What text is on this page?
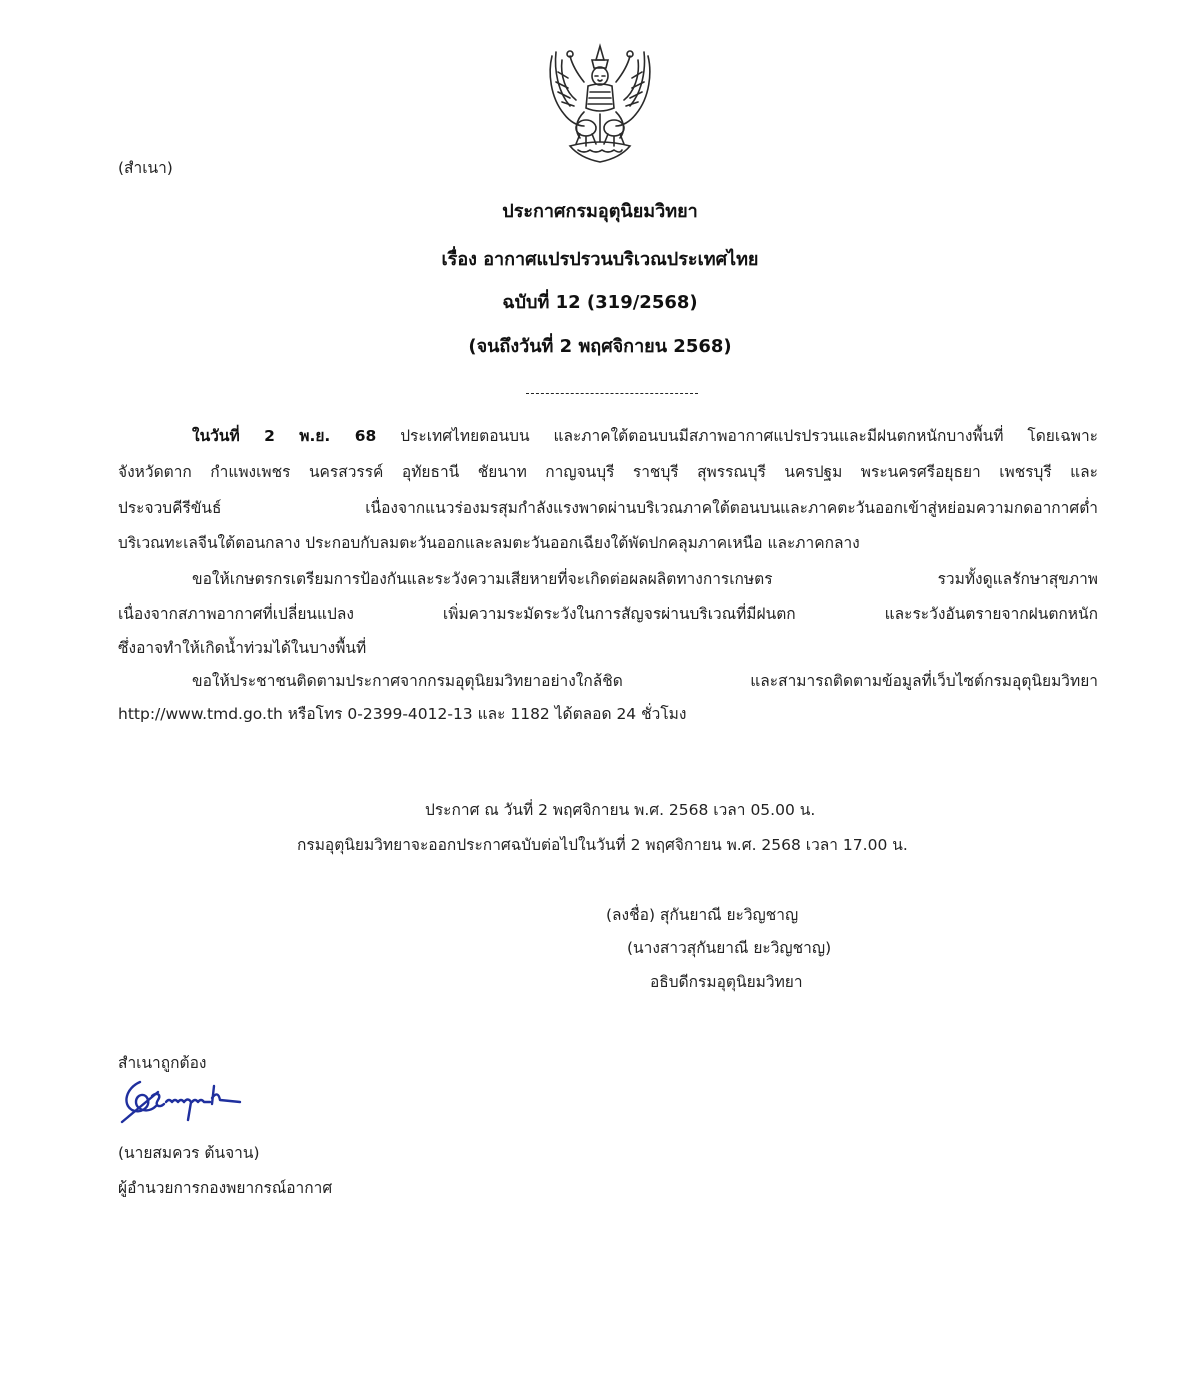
(สำเนา)
ประกาศกรมอุตุนิยมวิทยา
เรื่อง อากาศแปรปรวนบริเวณประเทศไทย
ฉบับที่ 12 (319/2568)
(จนถึงวันที่ 2 พฤศจิกายน 2568)
ในวันที่ 2 พ.ย. 68 ประเทศไทยตอนบน และภาคใต้ตอนบนมีสภาพอากาศแปรปรวนและมีฝนตกหนักบางพื้นที่ โดยเฉพาะ
จังหวัดตาก กำแพงเพชร นครสวรรค์ อุทัยธานี ชัยนาท กาญจนบุรี ราชบุรี สุพรรณบุรี นครปฐม พระนครศรีอยุธยา เพชรบุรี และ
ประจวบคีรีขันธ์ เนื่องจากแนวร่องมรสุมกำลังแรงพาดผ่านบริเวณภาคใต้ตอนบนและภาคตะวันออกเข้าสู่หย่อมความกดอากาศต่ำ
บริเวณทะเลจีนใต้ตอนกลาง ประกอบกับลมตะวันออกและลมตะวันออกเฉียงใต้พัดปกคลุมภาคเหนือ และภาคกลาง
ขอให้เกษตรกรเตรียมการป้องกันและระวังความเสียหายที่จะเกิดต่อผลผลิตทางการเกษตร รวมทั้งดูแลรักษาสุขภาพ
เนื่องจากสภาพอากาศที่เปลี่ยนแปลง เพิ่มความระมัดระวังในการสัญจรผ่านบริเวณที่มีฝนตก และระวังอันตรายจากฝนตกหนัก
ซึ่งอาจทำให้เกิดน้ำท่วมได้ในบางพื้นที่
ขอให้ประชาชนติดตามประกาศจากกรมอุตุนิยมวิทยาอย่างใกล้ชิด และสามารถติดตามข้อมูลที่เว็บไซต์กรมอุตุนิยมวิทยา
http://www.tmd.go.th หรือโทร 0-2399-4012-13 และ 1182 ได้ตลอด 24 ชั่วโมง
ประกาศ ณ วันที่ 2 พฤศจิกายน พ.ศ. 2568 เวลา 05.00 น.
กรมอุตุนิยมวิทยาจะออกประกาศฉบับต่อไปในวันที่ 2 พฤศจิกายน พ.ศ. 2568 เวลา 17.00 น.
(ลงชื่อ) สุกันยาณี ยะวิญชาญ
(นางสาวสุกันยาณี ยะวิญชาญ)
อธิบดีกรมอุตุนิยมวิทยา
สำเนาถูกต้อง
(นายสมควร ต้นจาน)
ผู้อำนวยการกองพยากรณ์อากาศ
